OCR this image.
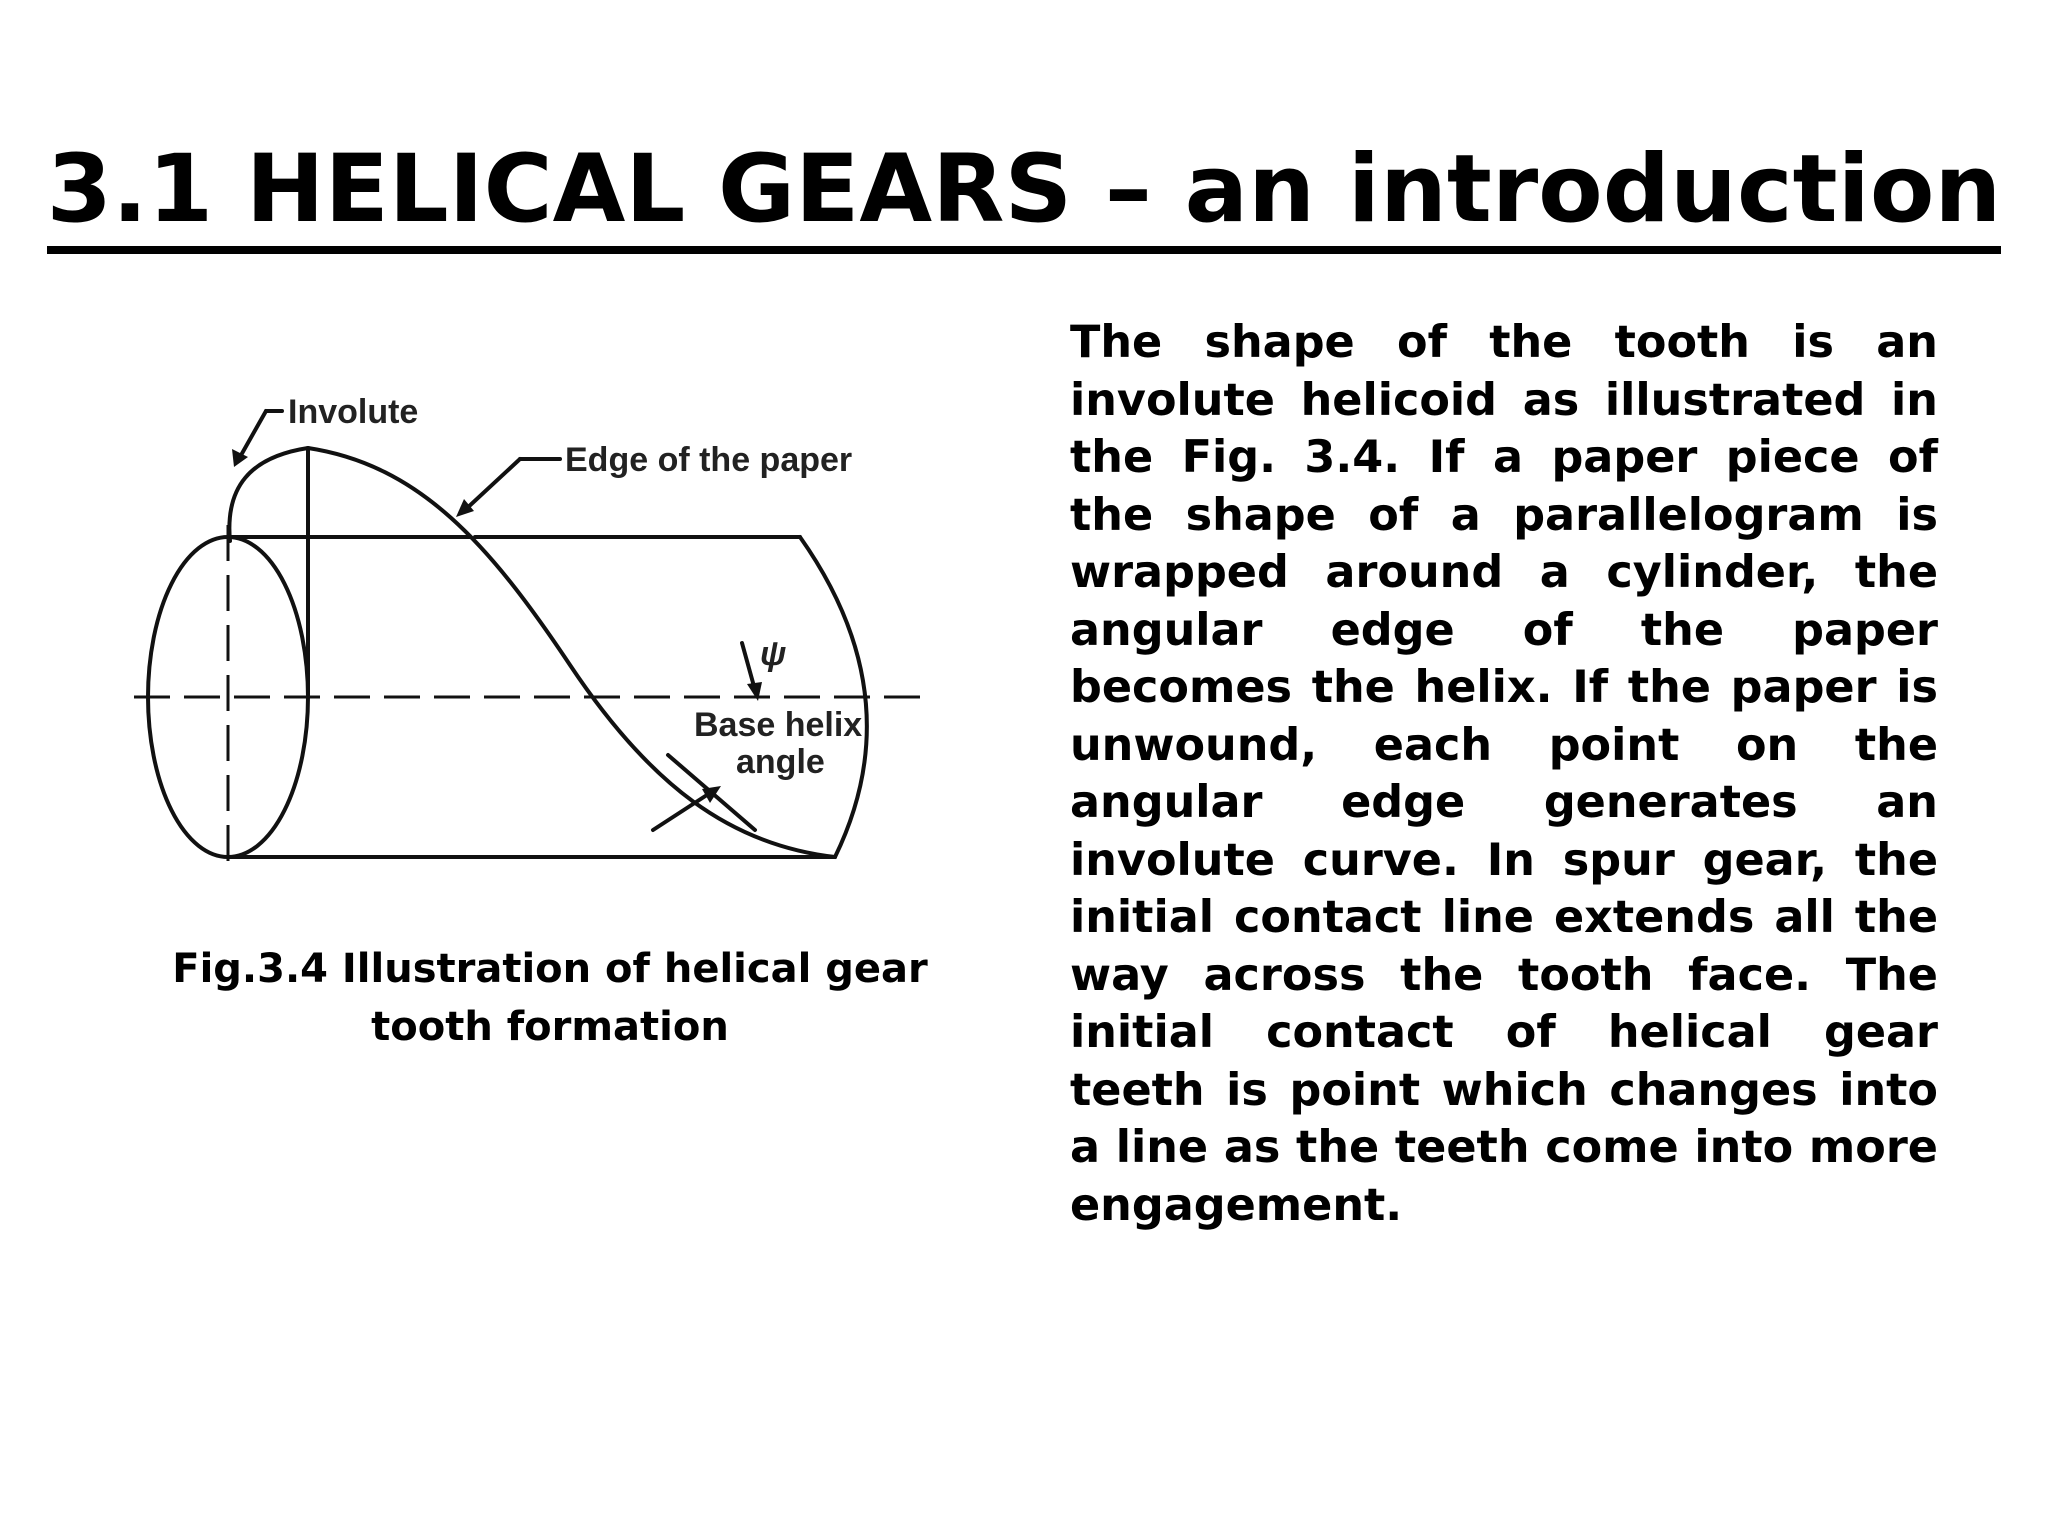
3.1 HELICAL GEARS – an introduction
Involute
Edge of the paper
ψ
Base helix
angle

Fig.3.4 Illustration of helical gear
tooth formation

The shape of the tooth is an involute helicoid as illustrated in the Fig. 3.4. If a paper piece of the shape of a parallelogram is wrapped around a cylinder, the angular edge of the paper becomes the helix. If the paper is unwound, each point on the angular edge generates an involute curve. In spur gear, the initial contact line extends all the way across the tooth face. The initial contact of helical gear teeth is point which changes into a line as the teeth come into more engagement.
